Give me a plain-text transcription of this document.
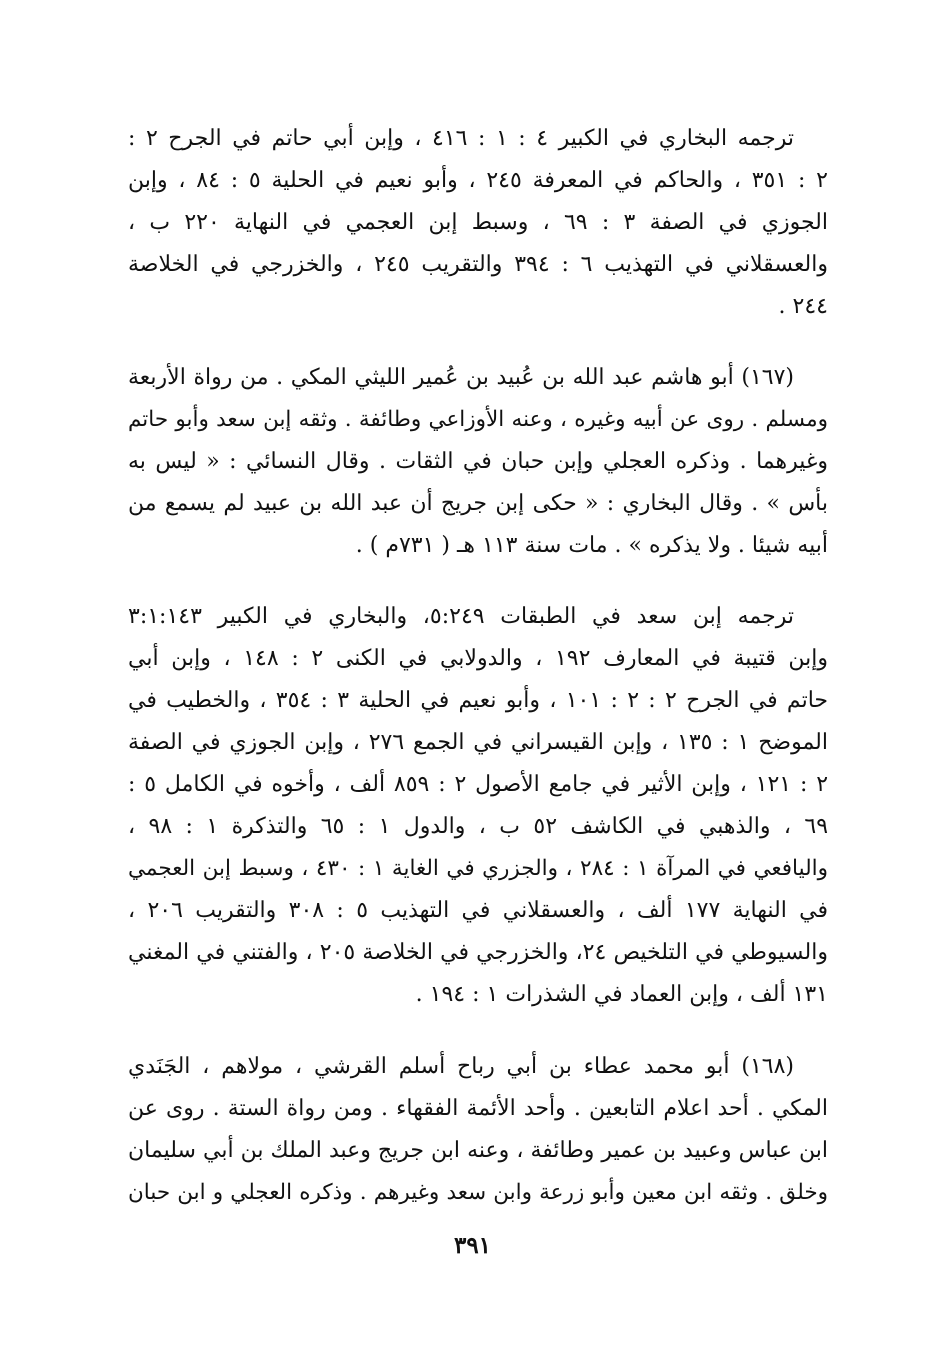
ترجمه البخاري في الكبير ٤ : ١ : ٤١٦ ، وإبن أبي حاتم في الجرح ٢ :
٢ : ٣٥١ ، والحاكم في المعرفة ٢٤٥ ، وأبو نعيم في الحلية ٥ : ٨٤ ، وإبن
الجوزي في الصفة ٣ : ٦٩ ، وسبط إبن العجمي في النهاية ٢٢٠ ب ،
والعسقلاني في التهذيب ٦ : ٣٩٤ والتقريب ٢٤٥ ، والخزرجي في الخلاصة
٢٤٤ .
(١٦٧) أبو هاشم عبد الله بن عُبيد بن عُمير الليثي المكي . من رواة الأربعة
ومسلم . روى عن أبيه وغيره ، وعنه الأوزاعي وطائفة . وثقه إبن سعد وأبو حاتم
وغيرهما . وذكره العجلي وإبن حبان في الثقات . وقال النسائي : « ليس به
بأس » . وقال البخاري : « حكى إبن جريج أن عبد الله بن عبيد لم يسمع من
أبيه شيئا . ولا يذكره » . مات سنة ١١٣ هـ ( ٧٣١م ) .
ترجمه إبن سعد في الطبقات ٥:٢٤٩، والبخاري في الكبير ٣:١:١٤٣
وإبن قتيبة في المعارف ١٩٢ ، والدولابي في الكنى ٢ : ١٤٨ ، وإبن أبي
حاتم في الجرح ٢ : ٢ : ١٠١ ، وأبو نعيم في الحلية ٣ : ٣٥٤ ، والخطيب في
الموضح ١ : ١٣٥ ، وإبن القيسراني في الجمع ٢٧٦ ، وإبن الجوزي في الصفة
٢ : ١٢١ ، وإبن الأثير في جامع الأصول ٢ : ٨٥٩ ألف ، وأخوه في الكامل ٥ :
٦٩ ، والذهبي في الكاشف ٥٢ ب ، والدول ١ : ٦٥ والتذكرة ١ : ٩٨ ،
واليافعي في المرآة ١ : ٢٨٤ ، والجزري في الغاية ١ : ٤٣٠ ، وسبط إبن العجمي
في النهاية ١٧٧ ألف ، والعسقلاني في التهذيب ٥ : ٣٠٨ والتقريب ٢٠٦ ،
والسيوطي في التلخيص ٢٤، والخزرجي في الخلاصة ٢٠٥ ، والفتني في المغني
١٣١ ألف ، وإبن العماد في الشذرات ١ : ١٩٤ .
(١٦٨) أبو محمد عطاء بن أبي رباح أسلم القرشي ، مولاهم ، الجَنَدي
المكي . أحد اعلام التابعين . وأحد الأئمة الفقهاء . ومن رواة الستة . روى عن
ابن عباس وعبيد بن عمير وطائفة ، وعنه ابن جريج وعبد الملك بن أبي سليمان
وخلق . وثقه ابن معين وأبو زرعة وابن سعد وغيرهم . وذكره العجلي و ابن حبان
٣٩١
